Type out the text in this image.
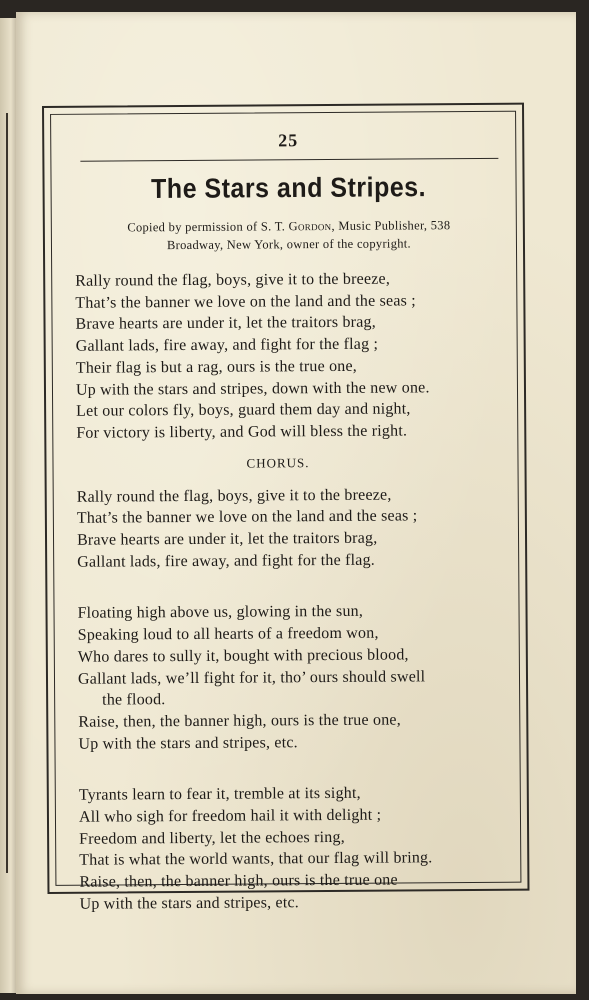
25

The Stars and Stripes.

Copied by permission of S. T. Gordon, Music Publisher, 538
Broadway, New York, owner of the copyright.

Rally round the flag, boys, give it to the breeze,
That’s the banner we love on the land and the seas ;
Brave hearts are under it, let the traitors brag,
Gallant lads, fire away, and fight for the flag ;
Their flag is but a rag, ours is the true one,
Up with the stars and stripes, down with the new one.
Let our colors fly, boys, guard them day and night,
For victory is liberty, and God will bless the right.

CHORUS.

Rally round the flag, boys, give it to the breeze,
That’s the banner we love on the land and the seas ;
Brave hearts are under it, let the traitors brag,
Gallant lads, fire away, and fight for the flag.
Floating high above us, glowing in the sun,
Speaking loud to all hearts of a freedom won,
Who dares to sully it, bought with precious blood,
Gallant lads, we’ll fight for it, tho’ ours should swell
the flood.
Raise, then, the banner high, ours is the true one,
Up with the stars and stripes, etc.
Tyrants learn to fear it, tremble at its sight,
All who sigh for freedom hail it with delight ;
Freedom and liberty, let the echoes ring,
That is what the world wants, that our flag will bring.
Raise, then, the banner high, ours is the true one
Up with the stars and stripes, etc.
